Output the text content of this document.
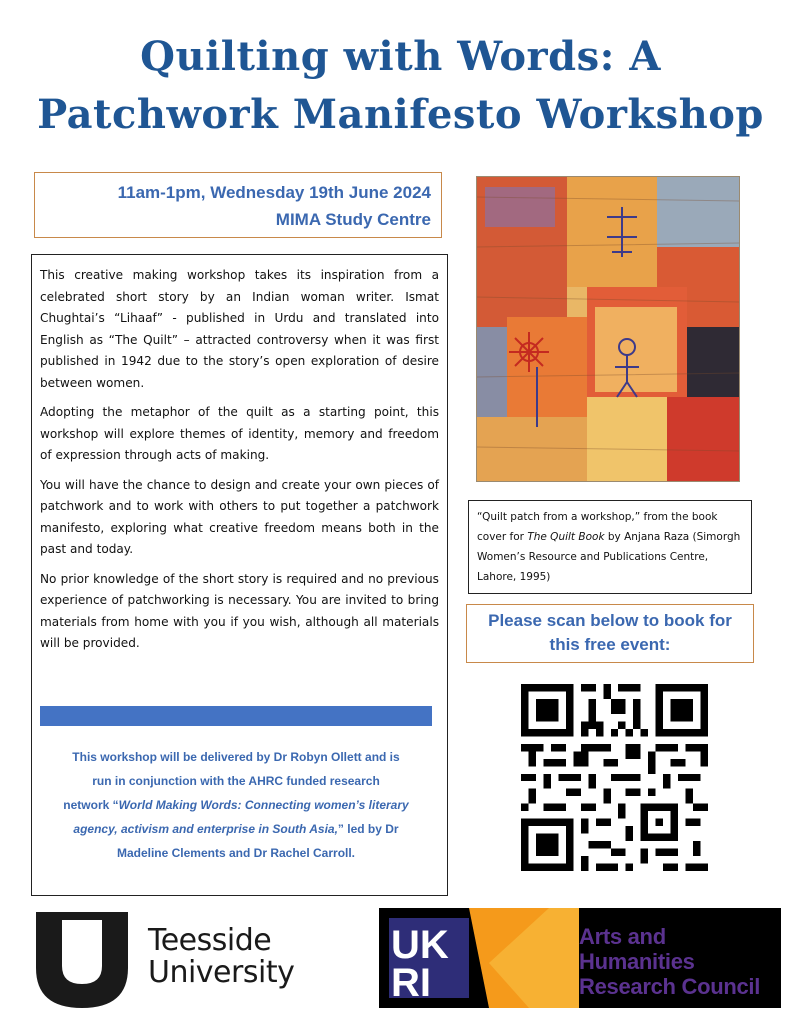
Quilting with Words: A
Patchwork Manifesto Workshop
11am-1pm, Wednesday 19th June 2024
MIMA Study Centre

This creative making workshop takes its inspiration from a celebrated short story by an Indian woman writer. Ismat Chughtai’s “Lihaaf” - published in Urdu and translated into English as “The Quilt” – attracted controversy when it was first published in 1942 due to the story’s open exploration of desire between women.

Adopting the metaphor of the quilt as a starting point, this workshop will explore themes of identity, memory and freedom of expression through acts of making.

You will have the chance to design and create your own pieces of patchwork and to work with others to put together a patchwork manifesto, exploring what creative freedom means both in the past and today.

No prior knowledge of the short story is required and no previous experience of patchworking is necessary. You are invited to bring materials from home with you if you wish, although all materials will be provided.

This workshop will be delivered by Dr Robyn Ollett and is
run in conjunction with the AHRC funded research
network “World Making Words: Connecting women’s literary
agency, activism and enterprise in South Asia,” led by Dr
Madeline Clements and Dr Rachel Carroll.
“Quilt patch from a workshop,” from the book cover for The Quilt Book by Anjana Raza (Simorgh Women’s Resource and Publications Centre, Lahore, 1995)
Please scan below to book for
this free event:
Teesside
University
UK
RI
Arts and
Humanities
Research Council
